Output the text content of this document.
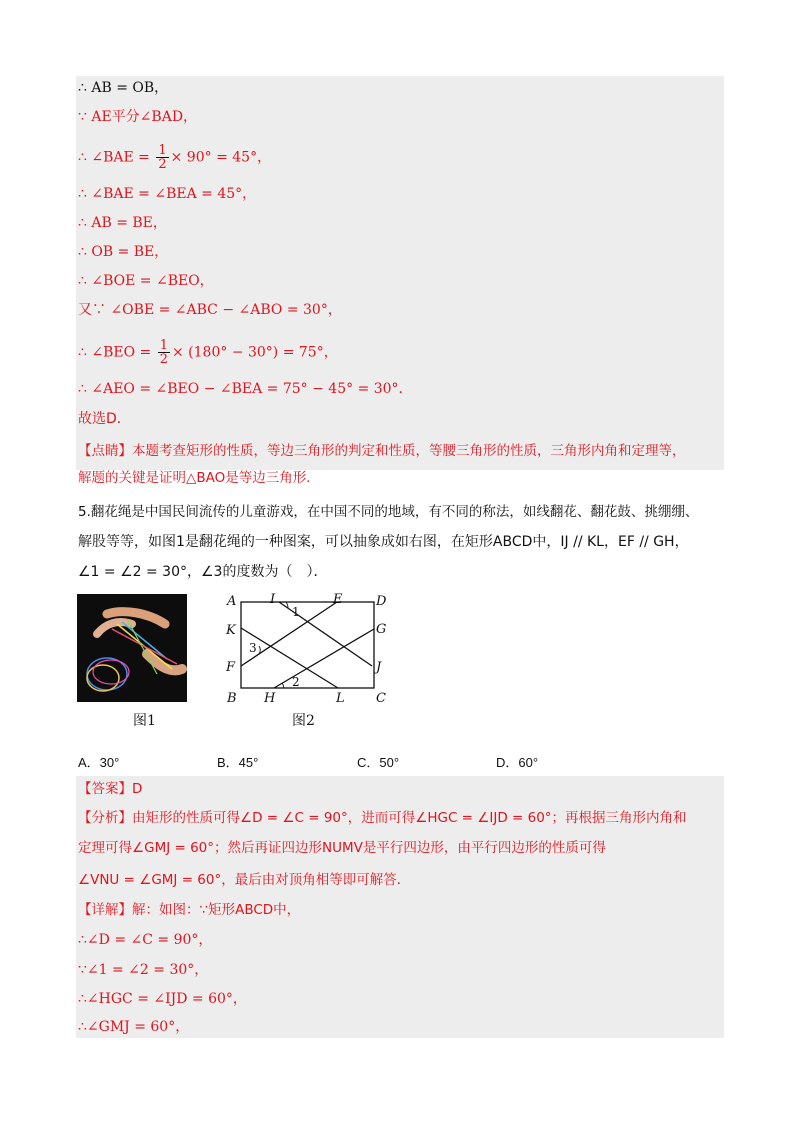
∴ AB = OB，
∵ AE平分∠BAD，
∴ ∠BAE = $\frac{1}{2} \times 90^\circ = 45^\circ$，
∴ ∠BAE = ∠BEA = 45°，
∴ AB = BE，
∴ OB = BE，
∴ ∠BOE = ∠BEO，
又∵ ∠OBE = ∠ABC − ∠ABO = 30°，
∴ ∠BEO = $\frac{1}{2} \times (180^\circ - 30^\circ) = 75^\circ$，
∴ ∠AEO = ∠BEO − ∠BEA = 75° − 45° = 30°．
故选D．
【点睛】本题考查矩形的性质，等边三角形的判定和性质，等腰三角形的性质，三角形内角和定理等，
解题的关键是证明△BAO是等边三角形．
5.翻花绳是中国民间流传的儿童游戏，在中国不同的地域，有不同的称法，如线翻花、翻花鼓、挑绷绷、
解股等等，如图1是翻花绳的一种图案，可以抽象成如右图，在矩形ABCD中，IJ // KL，EF // GH，
∠1 = ∠2 = 30°，∠3的度数为（　）．
图1
A	D
B	C
I	E
K
F
G
J
H	L
1
2
3
图2
A．30°	B．45°	C．50°	D．60°
【答案】D
【分析】由矩形的性质可得∠D = ∠C = 90°，进而可得∠HGC = ∠IJD = 60°；再根据三角形内角和
定理可得∠GMJ = 60°；然后再证四边形NUMV是平行四边形，由平行四边形的性质可得
∠VNU = ∠GMJ = 60°，最后由对顶角相等即可解答．
【详解】解：如图：∵矩形ABCD中，
∴∠D = ∠C = 90°，
∵∠1 = ∠2 = 30°，
∴∠HGC = ∠IJD = 60°，
∴∠GMJ = 60°，
